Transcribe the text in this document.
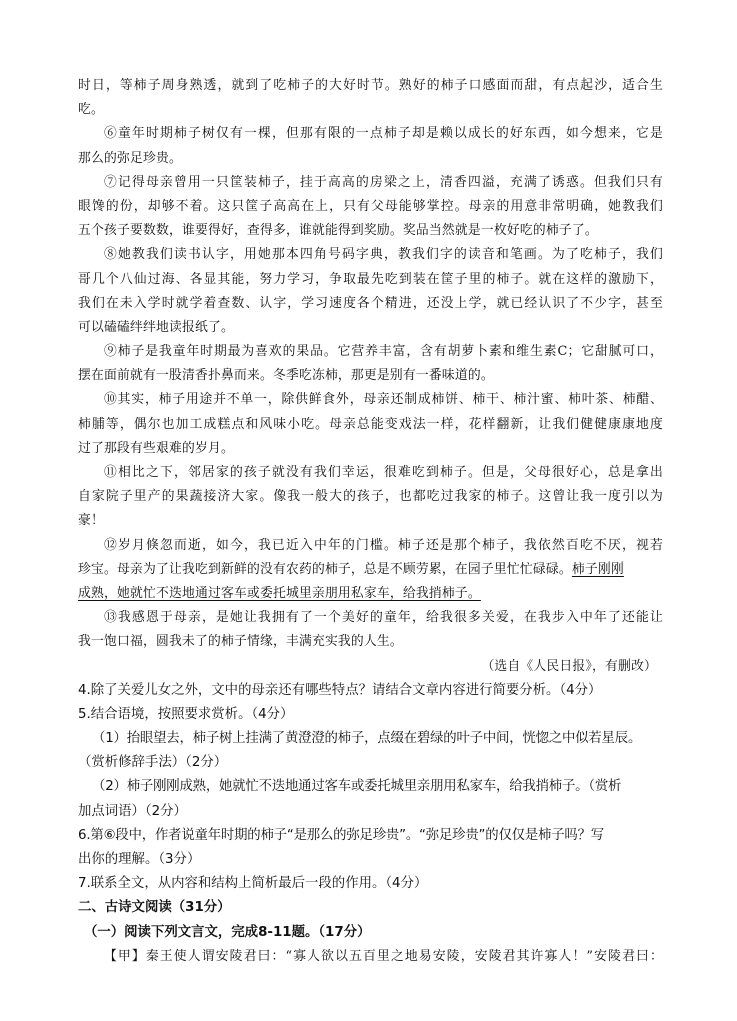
时日，等柿子周身熟透，就到了吃柿子的大好时节。熟好的柿子口感面而甜，有点起沙，适合生
吃。
⑥童年时期柿子树仅有一棵，但那有限的一点柿子却是赖以成长的好东西，如今想来，它是
那么的弥足珍贵。
⑦记得母亲曾用一只筐装柿子，挂于高高的房梁之上，清香四溢，充满了诱惑。但我们只有
眼馋的份，却够不着。这只筐子高高在上，只有父母能够掌控。母亲的用意非常明确，她教我们
五个孩子要数数，谁要得好，查得多，谁就能得到奖励。奖品当然就是一枚好吃的柿子了。
⑧她教我们读书认字，用她那本四角号码字典，教我们字的读音和笔画。为了吃柿子，我们
哥几个八仙过海、各显其能，努力学习，争取最先吃到装在筐子里的柿子。就在这样的激励下，
我们在未入学时就学着查数、认字，学习速度各个精进，还没上学，就已经认识了不少字，甚至
可以磕磕绊绊地读报纸了。
⑨柿子是我童年时期最为喜欢的果品。它营养丰富，含有胡萝卜素和维生素C；它甜腻可口，
摆在面前就有一股清香扑鼻而来。冬季吃冻柿，那更是别有一番味道的。
⑩其实，柿子用途并不单一，除供鲜食外，母亲还制成柿饼、柿干、柿汁蜜、柿叶茶、柿醋、
柿脯等，偶尔也加工成糕点和风味小吃。母亲总能变戏法一样，花样翻新，让我们健健康康地度
过了那段有些艰难的岁月。
⑪相比之下，邻居家的孩子就没有我们幸运，很难吃到柿子。但是，父母很好心，总是拿出
自家院子里产的果蔬接济大家。像我一般大的孩子，也都吃过我家的柿子。这曾让我一度引以为
豪！
⑫岁月倏忽而逝，如今，我已近入中年的门槛。柿子还是那个柿子，我依然百吃不厌，视若
珍宝。母亲为了让我吃到新鲜的没有农药的柿子，总是不顾劳累，在园子里忙忙碌碌。柿子刚刚
成熟，她就忙不迭地通过客车或委托城里亲朋用私家车，给我捎柿子。
⑬我感恩于母亲，是她让我拥有了一个美好的童年，给我很多关爱，在我步入中年了还能让
我一饱口福，圆我未了的柿子情缘，丰满充实我的人生。
（选自《人民日报》，有删改）
4.除了关爱儿女之外，文中的母亲还有哪些特点？请结合文章内容进行简要分析。（4分）
5.结合语境，按照要求赏析。（4分）
（1）抬眼望去，柿子树上挂满了黄澄澄的柿子，点缀在碧绿的叶子中间，恍惚之中似若星辰。
（赏析修辞手法）（2分）
（2）柿子刚刚成熟，她就忙不迭地通过客车或委托城里亲朋用私家车，给我捎柿子。（赏析
加点词语）（2分）
6.第⑥段中，作者说童年时期的柿子“是那么的弥足珍贵”。“弥足珍贵”的仅仅是柿子吗？写
出你的理解。（3分）
7.联系全文，从内容和结构上简析最后一段的作用。（4分）
二、古诗文阅读（31分）
（一）阅读下列文言文，完成8-11题。（17分）
【甲】秦王使人谓安陵君曰：“寡人欲以五百里之地易安陵，安陵君其许寡人！”安陵君曰：
